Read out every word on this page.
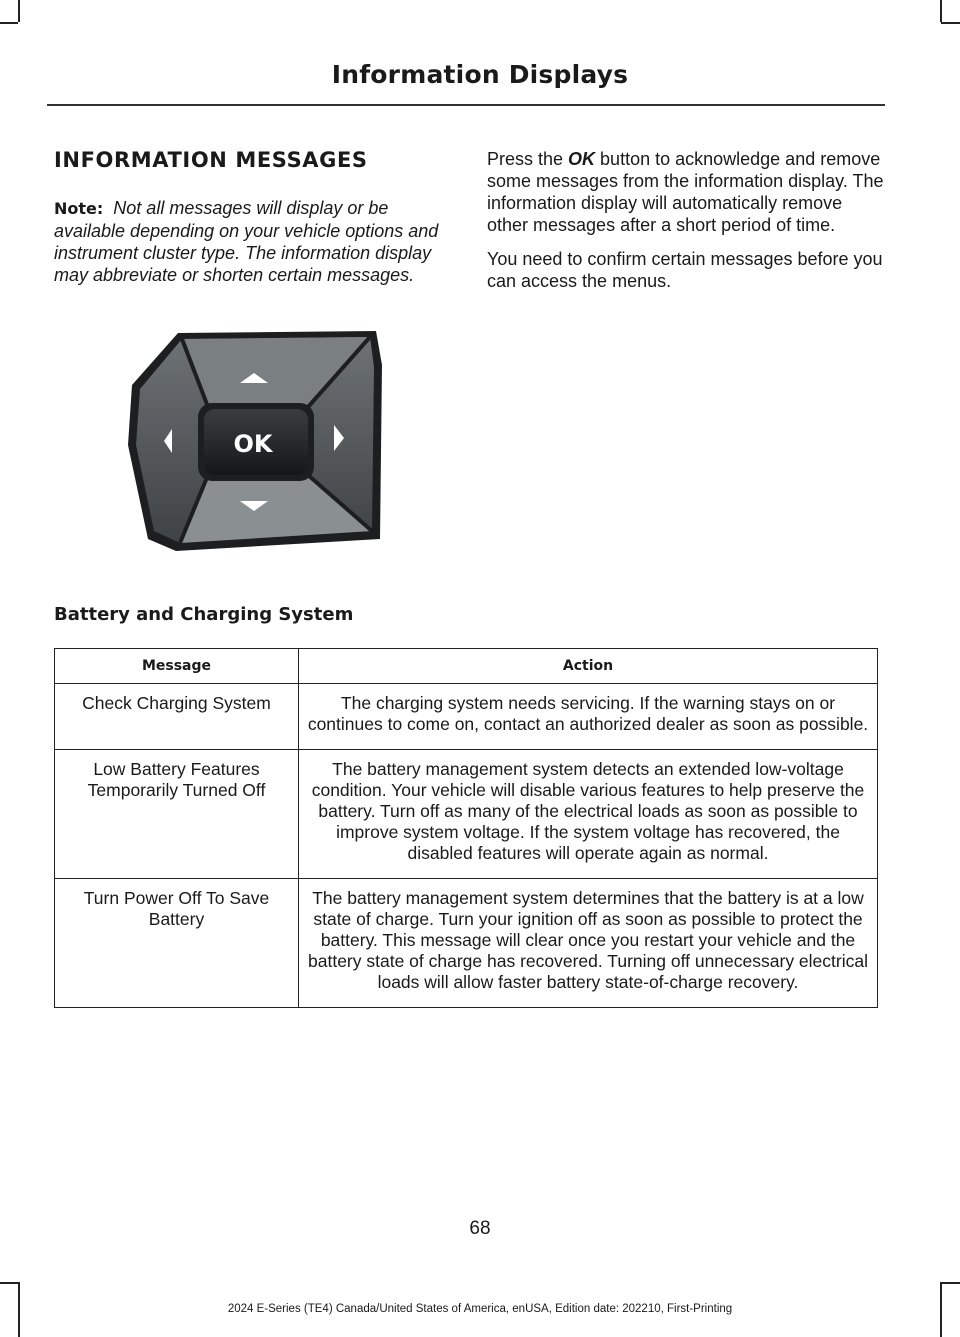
Information Displays
INFORMATION MESSAGES
Note: Not all messages will display or be available depending on your vehicle options and instrument cluster type. The information display may abbreviate or shorten certain messages.

Press the OK button to acknowledge and remove some messages from the information display. The information display will automatically remove other messages after a short period of time.

You need to confirm certain messages before you can access the menus.

OK
Battery and Charging System
Message	Action
Check Charging System	The charging system needs servicing. If the warning stays on or continues to come on, contact an authorized dealer as soon as possible.
Low Battery Features Temporarily Turned Off	The battery management system detects an extended low-voltage condition. Your vehicle will disable various features to help preserve the battery. Turn off as many of the electrical loads as soon as possible to improve system voltage. If the system voltage has recovered, the disabled features will operate again as normal.
Turn Power Off To Save Battery	The battery management system determines that the battery is at a low state of charge. Turn your ignition off as soon as possible to protect the battery. This message will clear once you restart your vehicle and the battery state of charge has recovered. Turning off unnecessary electrical loads will allow faster battery state-of-charge recovery.
68
2024 E-Series (TE4) Canada/United States of America, enUSA, Edition date: 202210, First-Printing
